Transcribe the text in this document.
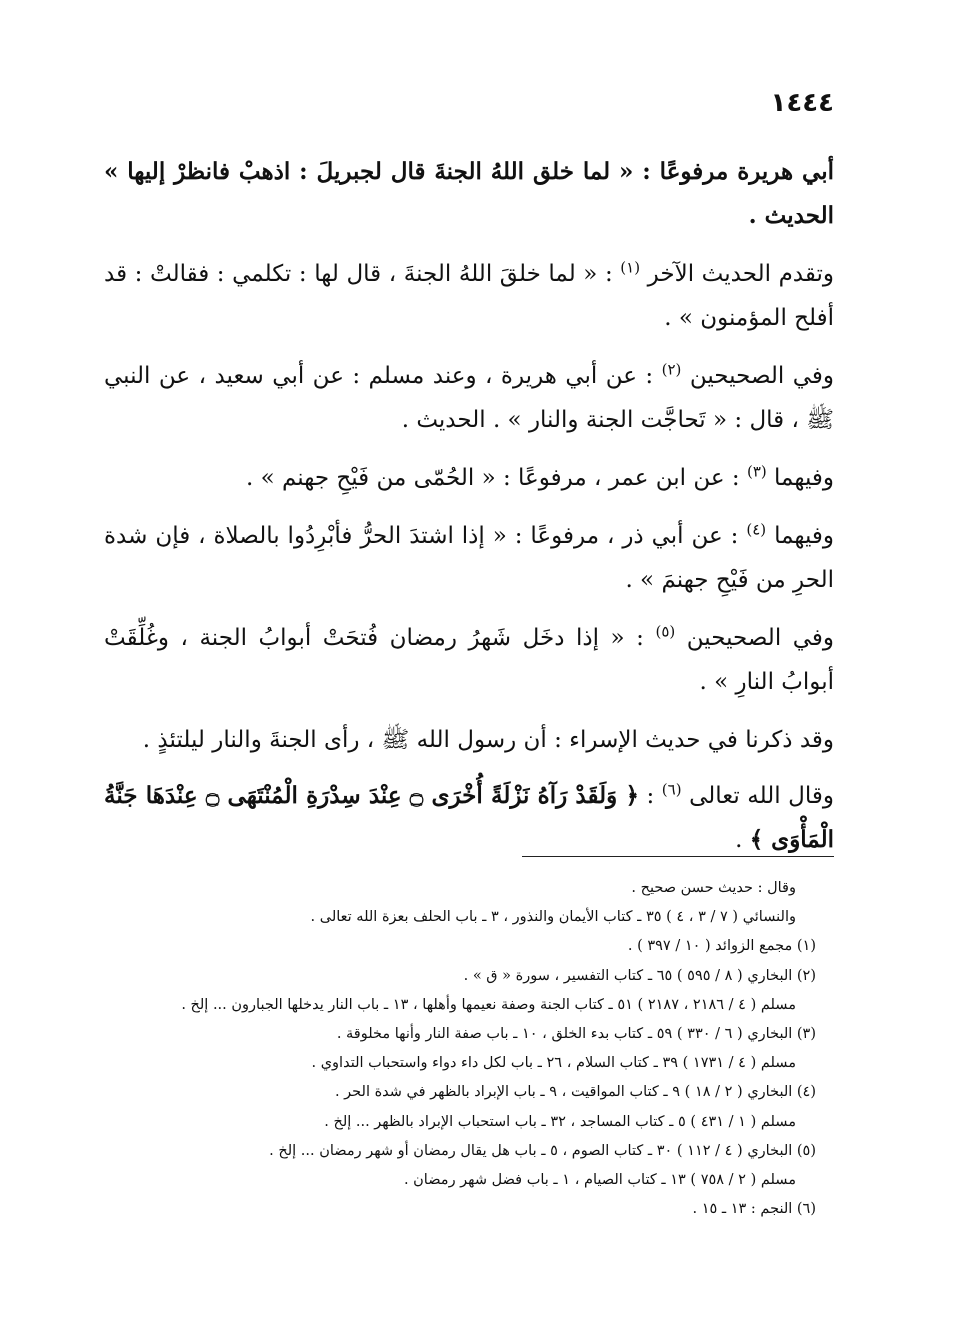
١٤٤٤

أبي هريرة مرفوعًا : « لما خلق اللهُ الجنةَ قال لجبريلَ : اذهبْ فانظرْ إليها » الحديث .

وتقدم الحديث الآخر $^{(١)}$ : « لما خلقَ اللهُ الجنةَ ، قال لها : تكلمي : فقالتْ : قد أفلح المؤمنون » .

وفي الصحيحين $^{(٢)}$ : عن أبي هريرة ، وعند مسلم : عن أبي سعيد ، عن النبي ﷺ ، قال : « تَحاجَّت الجنة والنار » . الحديث .

وفيهما $^{(٣)}$ : عن ابن عمر ، مرفوعًا : « الحُمّى من فَيْحِ جهنم » .

وفيهما $^{(٤)}$ : عن أبي ذر ، مرفوعًا : « إذا اشتدَ الحرُّ فأبْرِدُوا بالصلاة ، فإن شدة الحرِ من فَيْحِ جهنمَ » .

وفي الصحيحين $^{(٥)}$ : « إذا دخَل شَهرُ رمضان فُتحَتْ أبوابُ الجنة ، وغُلِّقَتْ أبوابُ النارِ » .

وقد ذكرنا في حديث الإسراء : أن رسول الله ﷺ ، رأى الجنةَ والنار ليلتئذٍ .

وقال الله تعالى $^{(٦)}$ : ﴿ وَلَقَدْ رَآهُ نَزْلَةً أُخْرَى ۝ عِنْدَ سِدْرَةِ الْمُنْتَهَى ۝ عِنْدَهَا جَنَّةُ الْمَأْوَى ﴾ .

وقال : حديث حسن صحيح .
والنسائي ( ٧ / ٣ ، ٤ ) ٣٥ ـ كتاب الأيمان والنذور ، ٣ ـ باب الحلف بعزة الله تعالى .
(١) مجمع الزوائد ( ١٠ / ٣٩٧ ) .
(٢) البخاري ( ٨ / ٥٩٥ ) ٦٥ ـ كتاب التفسير ، سورة « ق » .
مسلم ( ٤ / ٢١٨٦ ، ٢١٨٧ ) ٥١ ـ كتاب الجنة وصفة نعيمها وأهلها ، ١٣ ـ باب النار يدخلها الجبارون ... إلخ .
(٣) البخاري ( ٦ / ٣٣٠ ) ٥٩ ـ كتاب بدء الخلق ، ١٠ ـ باب صفة النار وأنها مخلوقة .
مسلم ( ٤ / ١٧٣١ ) ٣٩ ـ كتاب السلام ، ٢٦ ـ باب لكل داء دواء واستحباب التداوي .
(٤) البخاري ( ٢ / ١٨ ) ٩ ـ كتاب المواقيت ، ٩ ـ باب الإبراد بالظهر في شدة الحر .
مسلم ( ١ / ٤٣١ ) ٥ ـ كتاب المساجد ، ٣٢ ـ باب استحباب الإبراد بالظهر ... إلخ .
(٥) البخاري ( ٤ / ١١٢ ) ٣٠ ـ كتاب الصوم ، ٥ ـ باب هل يقال رمضان أو شهر رمضان ... إلخ .
مسلم ( ٢ / ٧٥٨ ) ١٣ ـ كتاب الصيام ، ١ ـ باب فضل شهر رمضان .
(٦) النجم : ١٣ ـ ١٥ .
